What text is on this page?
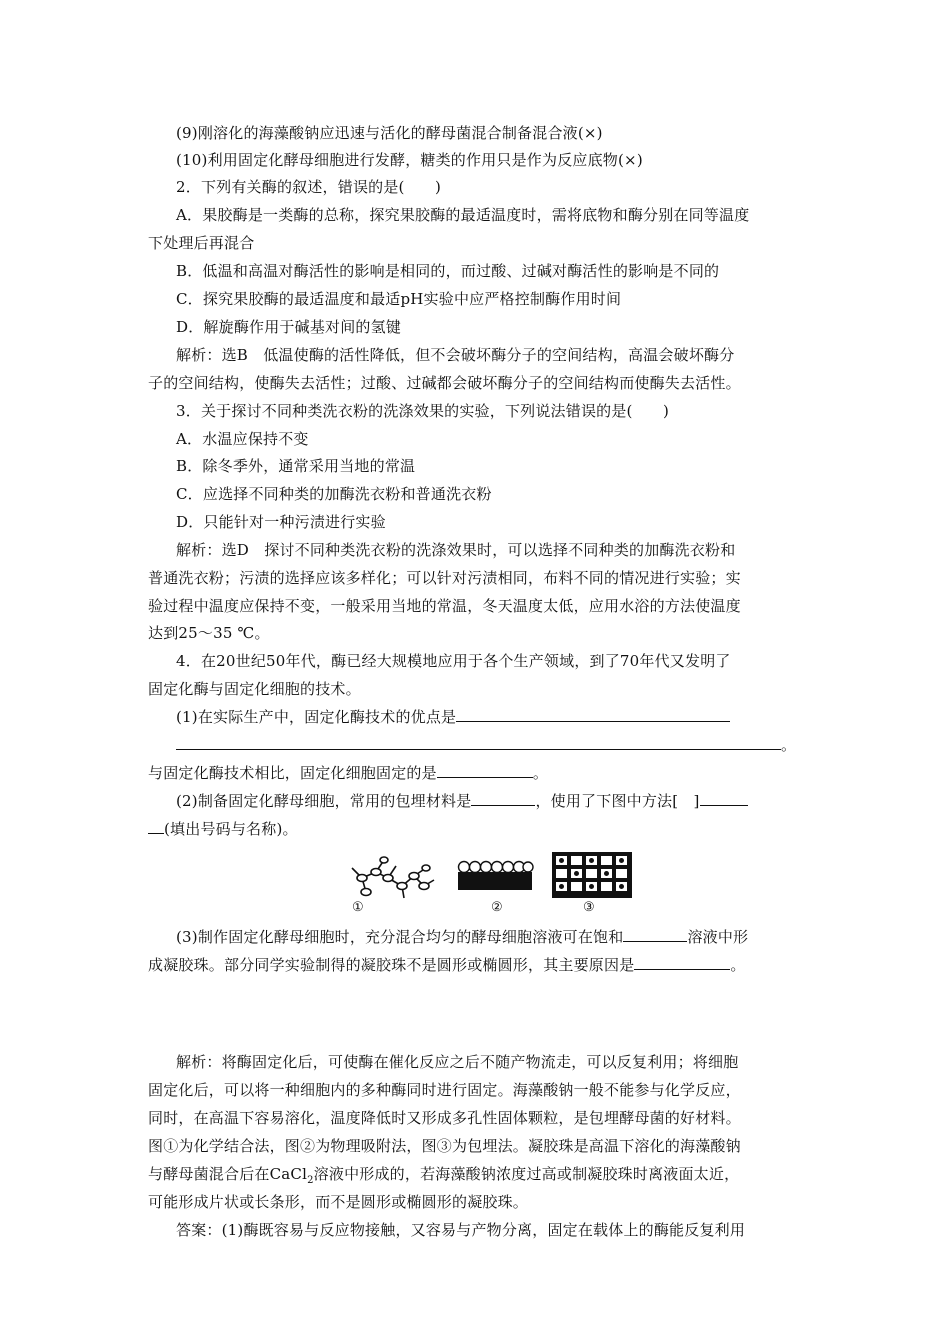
(9)刚溶化的海藻酸钠应迅速与活化的酵母菌混合制备混合液(×)
(10)利用固定化酵母细胞进行发酵，糖类的作用只是作为反应底物(×)
2．下列有关酶的叙述，错误的是(　　)
A．果胶酶是一类酶的总称，探究果胶酶的最适温度时，需将底物和酶分别在同等温度
下处理后再混合
B．低温和高温对酶活性的影响是相同的，而过酸、过碱对酶活性的影响是不同的
C．探究果胶酶的最适温度和最适pH实验中应严格控制酶作用时间
D．解旋酶作用于碱基对间的氢键
解析：选B　低温使酶的活性降低，但不会破坏酶分子的空间结构，高温会破坏酶分
子的空间结构，使酶失去活性；过酸、过碱都会破坏酶分子的空间结构而使酶失去活性。
3．关于探讨不同种类洗衣粉的洗涤效果的实验，下列说法错误的是(　　)
A．水温应保持不变
B．除冬季外，通常采用当地的常温
C．应选择不同种类的加酶洗衣粉和普通洗衣粉
D．只能针对一种污渍进行实验
解析：选D　探讨不同种类洗衣粉的洗涤效果时，可以选择不同种类的加酶洗衣粉和
普通洗衣粉；污渍的选择应该多样化；可以针对污渍相同，布料不同的情况进行实验；实
验过程中温度应保持不变，一般采用当地的常温，冬天温度太低，应用水浴的方法使温度
达到25～35 ℃。
4．在20世纪50年代，酶已经大规模地应用于各个生产领域，到了70年代又发明了
固定化酶与固定化细胞的技术。
(1)在实际生产中，固定化酶技术的优点是
。
与固定化酶技术相比，固定化细胞固定的是	。
(2)制备固定化酵母细胞，常用的包埋材料是	，使用了下图中方法[　]
(填出号码与名称)。
①	②	③
(3)制作固定化酵母细胞时，充分混合均匀的酵母细胞溶液可在饱和	溶液中形
成凝胶珠。部分同学实验制得的凝胶珠不是圆形或椭圆形，其主要原因是	。
解析：将酶固定化后，可使酶在催化反应之后不随产物流走，可以反复利用；将细胞
固定化后，可以将一种细胞内的多种酶同时进行固定。海藻酸钠一般不能参与化学反应，
同时，在高温下容易溶化，温度降低时又形成多孔性固体颗粒，是包埋酵母菌的好材料。
图①为化学结合法，图②为物理吸附法，图③为包埋法。凝胶珠是高温下溶化的海藻酸钠
与酵母菌混合后在CaCl$_2$溶液中形成的，若海藻酸钠浓度过高或制凝胶珠时离液面太近，
可能形成片状或长条形，而不是圆形或椭圆形的凝胶珠。
答案：(1)酶既容易与反应物接触，又容易与产物分离，固定在载体上的酶能反复利用
